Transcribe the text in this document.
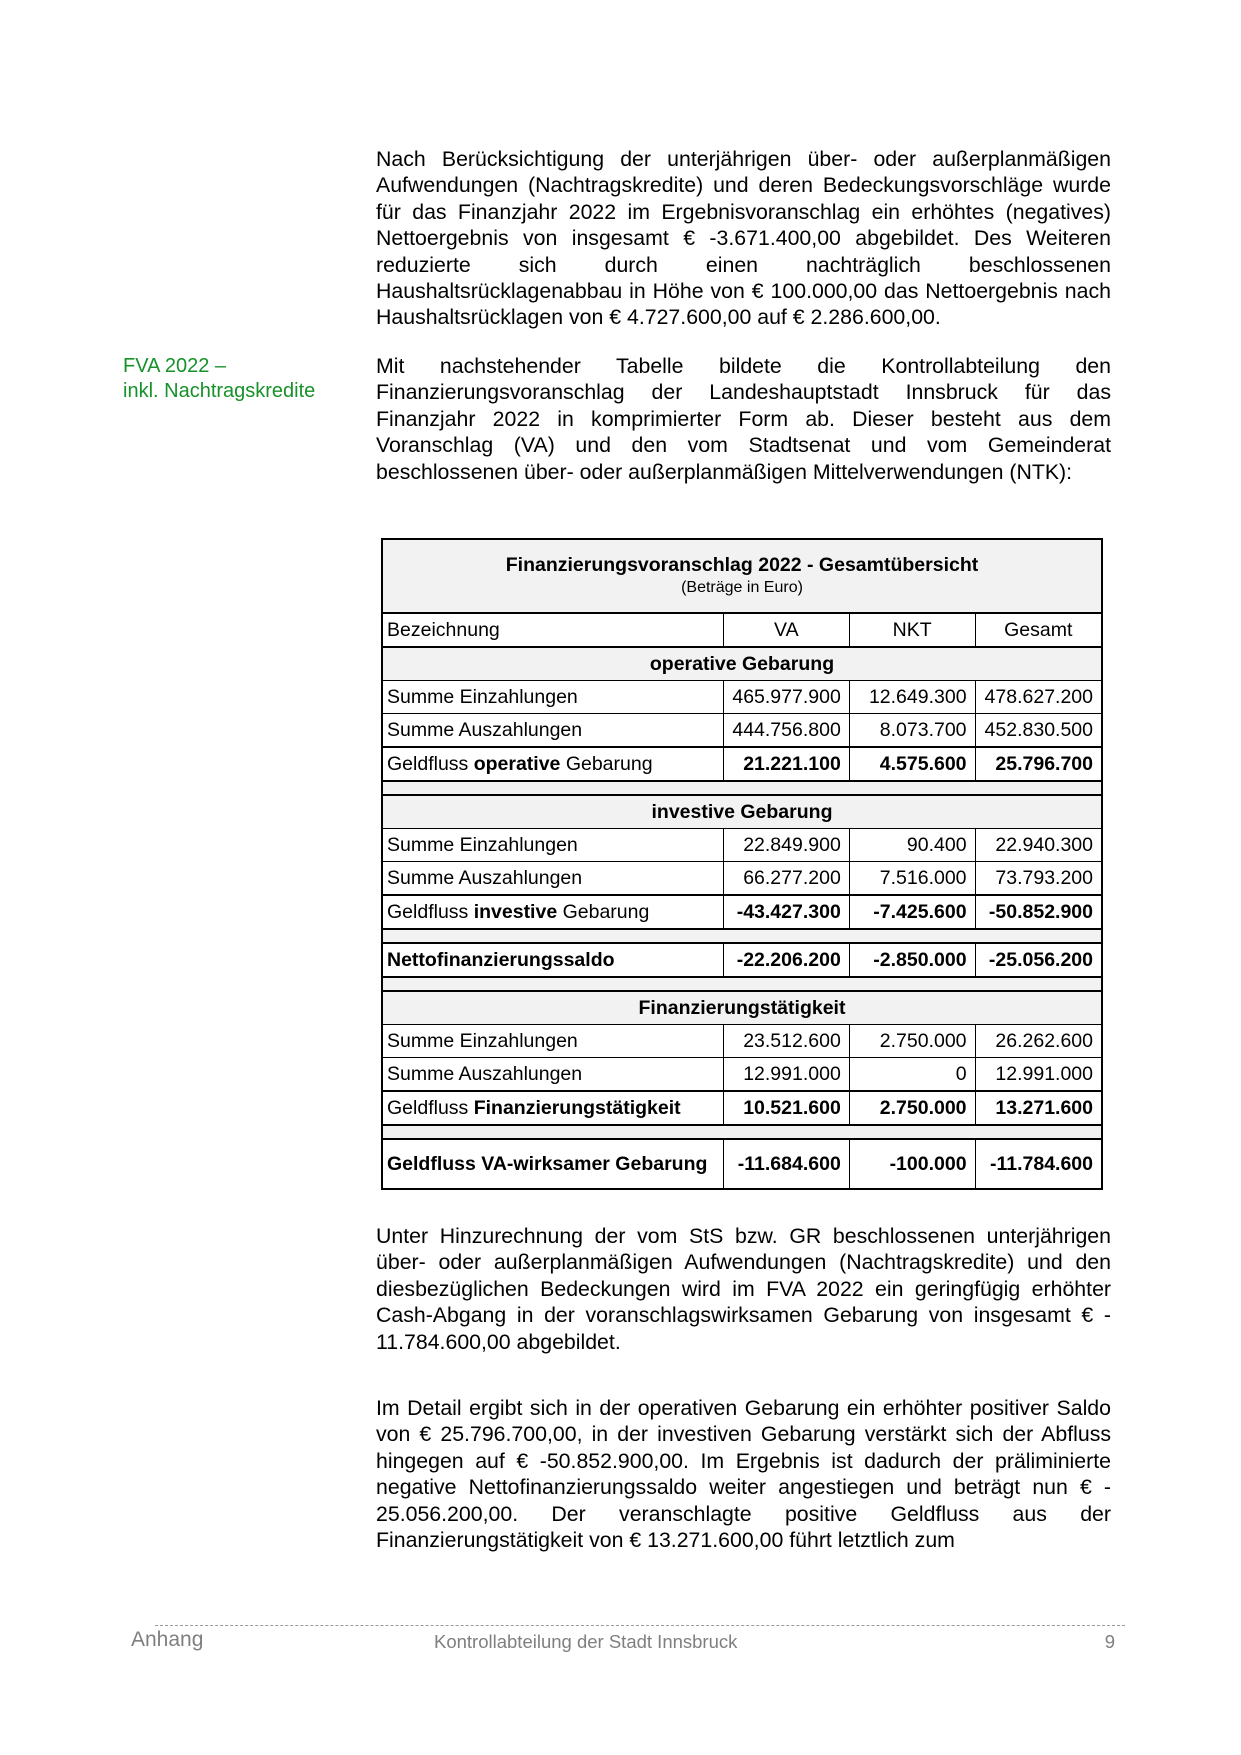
Nach Berücksichtigung der unterjährigen über- oder außerplanmäßigen Aufwendungen (Nachtragskredite) und deren Bedeckungsvorschläge wurde für das Finanzjahr 2022 im Ergebnisvoranschlag ein erhöhtes (negatives) Nettoergebnis von insgesamt € -3.671.400,00 abgebildet. Des Weiteren reduzierte sich durch einen nachträglich beschlossenen Haushaltsrücklagenabbau in Höhe von € 100.000,00 das Nettoergebnis nach Haushaltsrücklagen von € 4.727.600,00 auf € 2.286.600,00.

FVA 2022 –
inkl. Nachtragskredite

Mit nachstehender Tabelle bildete die Kontrollabteilung den Finanzierungsvoranschlag der Landeshauptstadt Innsbruck für das Finanzjahr 2022 in komprimierter Form ab. Dieser besteht aus dem Voranschlag (VA) und den vom Stadtsenat und vom Gemeinderat beschlossenen über- oder außerplanmäßigen Mittelverwendungen (NTK):

Finanzierungsvoranschlag 2022 - Gesamtübersicht
(Beträge in Euro)			

Bezeichnung	VA	NKT	Gesamt
operative Gebarung			
Summe Einzahlungen	465.977.900	12.649.300	478.627.200
Summe Auszahlungen	444.756.800	8.073.700	452.830.500
Geldfluss operative Gebarung	21.221.100	4.575.600	25.796.700

investive Gebarung			
Summe Einzahlungen	22.849.900	90.400	22.940.300
Summe Auszahlungen	66.277.200	7.516.000	73.793.200
Geldfluss investive Gebarung	-43.427.300	-7.425.600	-50.852.900

Nettofinanzierungssaldo	-22.206.200	-2.850.000	-25.056.200

Finanzierungstätigkeit			
Summe Einzahlungen	23.512.600	2.750.000	26.262.600
Summe Auszahlungen	12.991.000	0	12.991.000
Geldfluss Finanzierungstätigkeit	10.521.600	2.750.000	13.271.600

Geldfluss VA-wirksamer Gebarung	-11.684.600	-100.000	-11.784.600

Unter Hinzurechnung der vom StS bzw. GR beschlossenen unterjährigen über- oder außerplanmäßigen Aufwendungen (Nachtragskredite) und den diesbezüglichen Bedeckungen wird im FVA 2022 ein geringfügig erhöhter Cash-Abgang in der voranschlagswirksamen Gebarung von insgesamt € - 11.784.600,00 abgebildet.

Im Detail ergibt sich in der operativen Gebarung ein erhöhter positiver Saldo von € 25.796.700,00, in der investiven Gebarung verstärkt sich der Abfluss hingegen auf € -50.852.900,00. Im Ergebnis ist dadurch der präliminierte negative Nettofinanzierungssaldo weiter angestiegen und beträgt nun € - 25.056.200,00. Der veranschlagte positive Geldfluss aus der Finanzierungstätigkeit von € 13.271.600,00 führt letztlich zum

Anhang	Kontrollabteilung der Stadt Innsbruck	9
